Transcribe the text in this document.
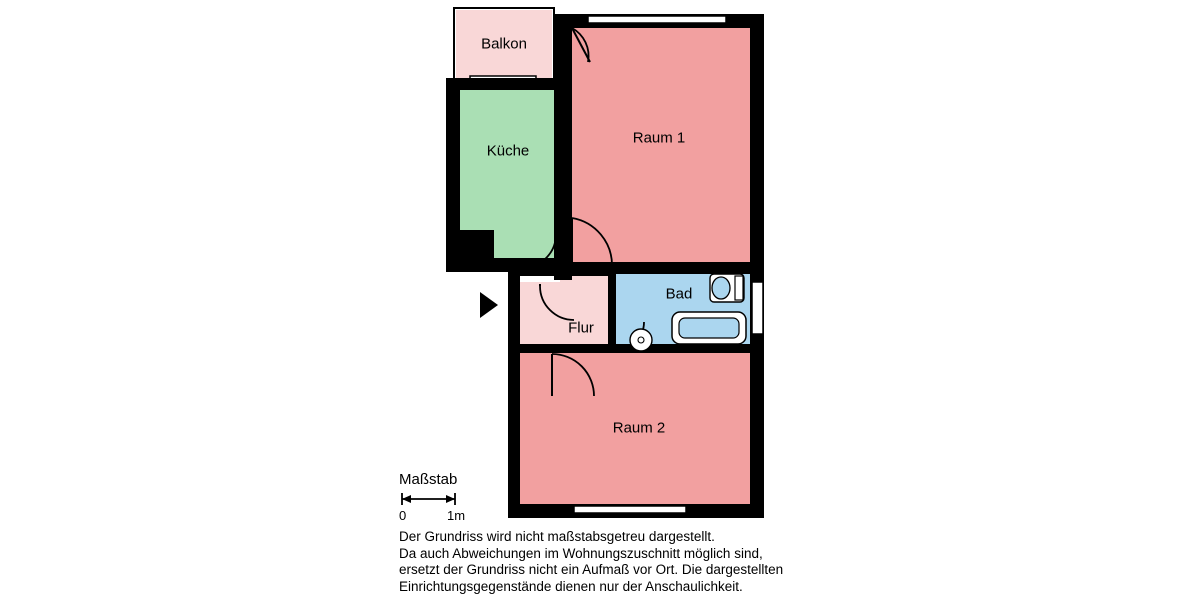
Balkon
Küche
Raum 1
Flur
Bad
Raum 2
Maßstab
0	1m
Der Grundriss wird nicht maßstabsgetreu dargestellt.
Da auch Abweichungen im Wohnungszuschnitt möglich sind,
ersetzt der Grundriss nicht ein Aufmaß vor Ort. Die dargestellten
Einrichtungsgegenstände dienen nur der Anschaulichkeit.
